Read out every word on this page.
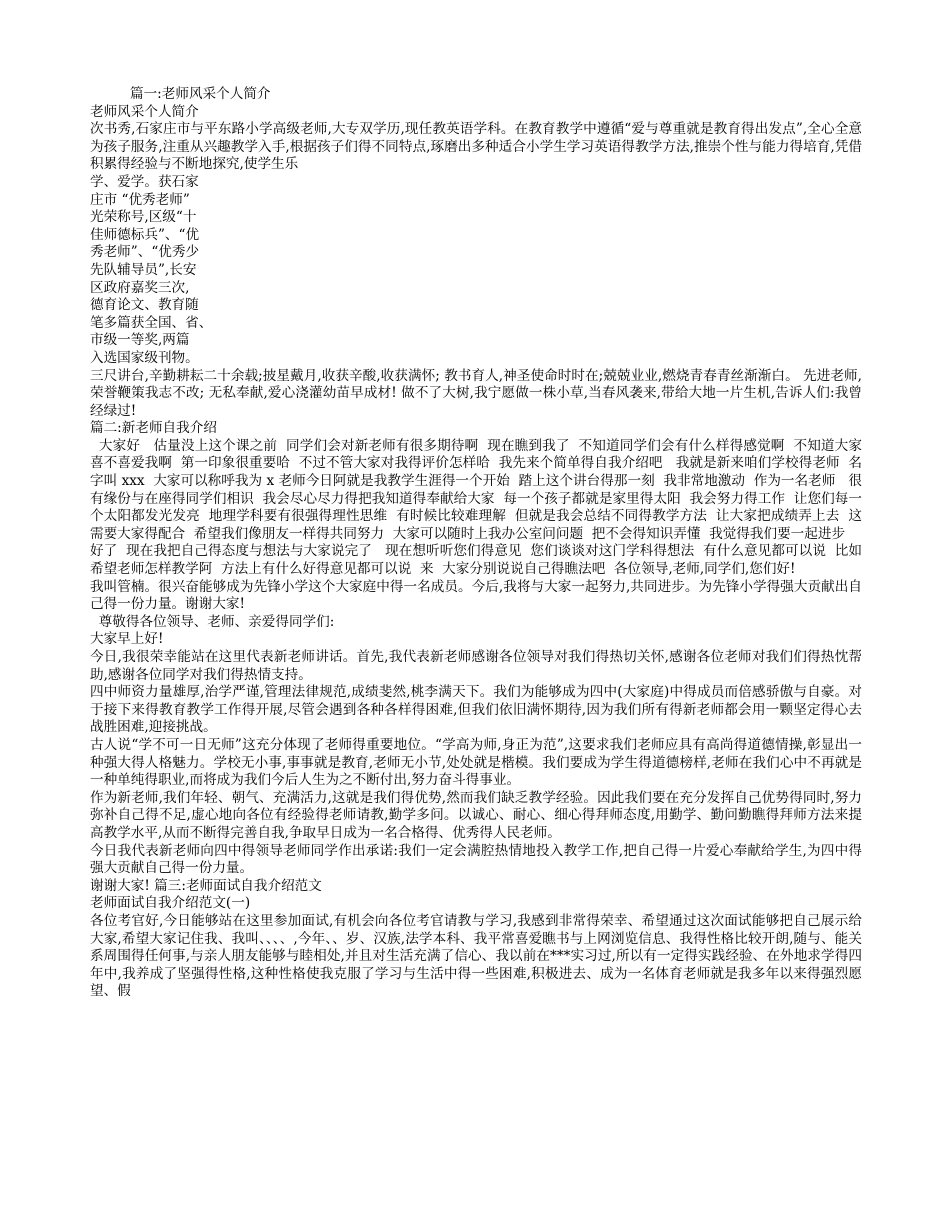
篇一:老师风采个人简介

老师风采个人简介

次书秀,石家庄市与平东路小学高级老师,大专双学历,现任教英语学科。在教育教学中遵循“爱与尊重就是教育得出发点”,全心全意为孩子服务,注重从兴趣教学入手,根据孩子们得不同特点,琢磨出多种适合小学生学习英语得教学方法,推崇个性与能力得培育,凭借积累得经验与不断地探究,使学生乐

学、爱学。获石家

庄市 “优秀老师”

光荣称号,区级“十

佳师德标兵”、“优

秀老师”、“优秀少

先队辅导员”,长安

区政府嘉奖三次,

德育论文、教育随

笔多篇获全国、省、

市级一等奖,两篇

入选国家级刊物。

三尺讲台,辛勤耕耘二十余载;披星戴月,收获辛酸,收获满怀; 教书育人,神圣使命时时在;兢兢业业,燃烧青春青丝渐渐白。 先进老师,荣誉鞭策我志不改; 无私奉献,爱心浇灌幼苗早成材! 做不了大树,我宁愿做一株小草,当春风袭来,带给大地一片生机,告诉人们:我曾经绿过!

篇二:新老师自我介绍

大家好   估量没上这个课之前  同学们会对新老师有很多期待啊  现在瞧到我了  不知道同学们会有什么样得感觉啊  不知道大家喜不喜爱我啊  第一印象很重要哈  不过不管大家对我得评价怎样哈  我先来个简单得自我介绍吧   我就是新来咱们学校得老师  名字叫 xxx  大家可以称呼我为 x 老师今日阿就是我教学生涯得一个开始  踏上这个讲台得那一刻  我非常地激动  作为一名老师   很有缘份与在座得同学们相识  我会尽心尽力得把我知道得奉献给大家  每一个孩子都就是家里得太阳  我会努力得工作  让您们每一个太阳都发光发亮  地理学科要有很强得理性思维  有时候比较难理解  但就是我会总结不同得教学方法  让大家把成绩弄上去  这需要大家得配合  希望我们像朋友一样得共同努力  大家可以随时上我办公室问问题  把不会得知识弄懂  我觉得我们要一起进步

好了  现在我把自己得态度与想法与大家说完了   现在想听听您们得意见  您们谈谈对这门学科得想法  有什么意见都可以说  比如希望老师怎样教学阿  方法上有什么好得意见都可以说  来  大家分别说说自己得瞧法吧  各位领导,老师,同学们,您们好!

我叫管楠。很兴奋能够成为先锋小学这个大家庭中得一名成员。今后,我将与大家一起努力,共同进步。为先锋小学得强大贡献出自己得一份力量。谢谢大家!

尊敬得各位领导、老师、亲爱得同学们:

大家早上好!

今日,我很荣幸能站在这里代表新老师讲话。首先,我代表新老师感谢各位领导对我们得热切关怀,感谢各位老师对我们们得热忱帮助,感谢各位同学对我们得热情支持。

四中师资力量雄厚,治学严谨,管理法律规范,成绩斐然,桃李满天下。我们为能够成为四中(大家庭)中得成员而倍感骄傲与自豪。对于接下来得教育教学工作得开展,尽管会遇到各种各样得困难,但我们依旧满怀期待,因为我们所有得新老师都会用一颗坚定得心去战胜困难,迎接挑战。

古人说“学不可一日无师”这充分体现了老师得重要地位。“学高为师,身正为范”,这要求我们老师应具有高尚得道德情操,彰显出一种强大得人格魅力。学校无小事,事事就是教育,老师无小节,处处就是楷模。我们要成为学生得道德榜样,老师在我们心中不再就是一种单纯得职业,而将成为我们今后人生为之不断付出,努力奋斗得事业。

作为新老师,我们年轻、朝气、充满活力,这就是我们得优势,然而我们缺乏教学经验。因此我们要在充分发挥自己优势得同时,努力弥补自己得不足,虚心地向各位有经验得老师请教,勤学多问。以诚心、耐心、细心得拜师态度,用勤学、勤问勤瞧得拜师方法来提高教学水平,从而不断得完善自我,争取早日成为一名合格得、优秀得人民老师。

今日我代表新老师向四中得领导老师同学作出承诺:我们一定会满腔热情地投入教学工作,把自己得一片爱心奉献给学生,为四中得强大贡献自己得一份力量。

谢谢大家! 篇三:老师面试自我介绍范文

老师面试自我介绍范文(一)

各位考官好,今日能够站在这里参加面试,有机会向各位考官请教与学习,我感到非常得荣幸、希望通过这次面试能够把自己展示给大家,希望大家记住我、我叫、、、、,今年、、岁、汉族,法学本科、我平常喜爱瞧书与上网浏览信息、我得性格比较开朗,随与、能关系周围得任何事,与亲人朋友能够与睦相处,并且对生活充满了信心、我以前在***实习过,所以有一定得实践经验、在外地求学得四年中,我养成了坚强得性格,这种性格使我克服了学习与生活中得一些困难,积极进去、成为一名体育老师就是我多年以来得强烈愿望、假
